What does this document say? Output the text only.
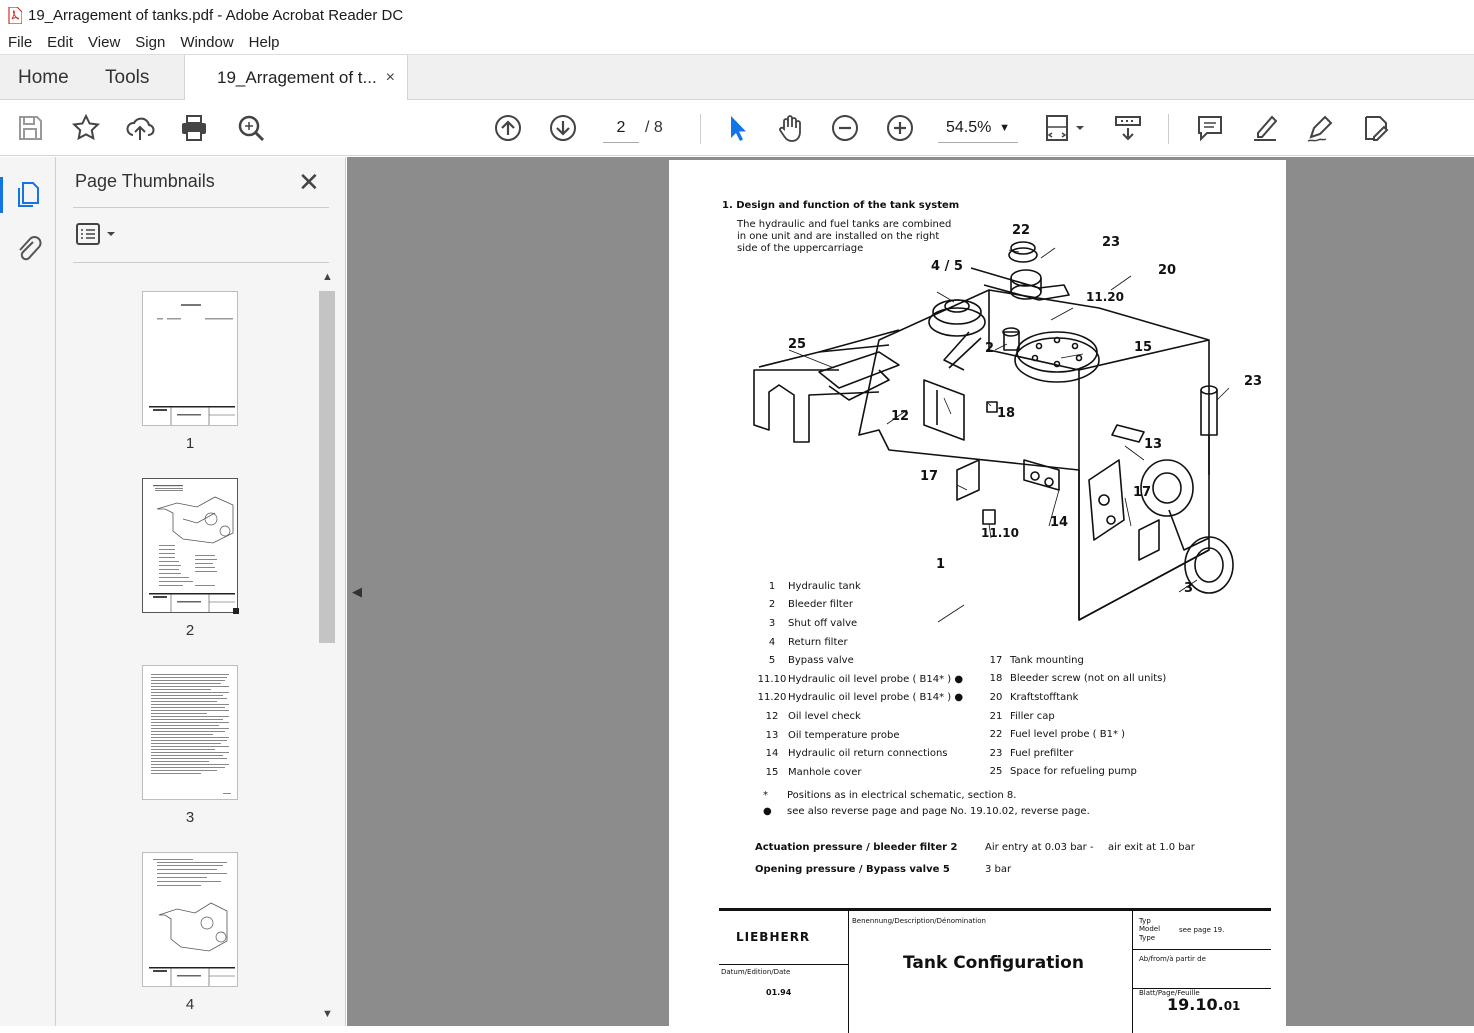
19_Arragement of tanks.pdf - Adobe Acrobat Reader DC
File Edit View Sign Window Help
Home Tools	19_Arragement of t... ×
2	/ 8	54.5% ▼
Page Thumbnails	✕
1
2
3
4
▲
▼
◀
1. Design and function of the tank system
The hydraulic and fuel tanks are combined
in one unit and are installed on the right
side of the uppercarriage
22
23
20
4 / 5
11.20
25	2	15
23
12	18
13
17
17
14
11.10
1
3
1	Hydraulic tank
2	Bleeder filter
3	Shut off valve
4	Return filter
5	Bypass valve
11.10	Hydraulic oil level probe ( B14* ) ●
11.20	Hydraulic oil level probe ( B14* ) ●
12	Oil level check
13	Oil temperature probe
14	Hydraulic oil return connections
15	Manhole cover
17	Tank mounting
18	Bleeder screw (not on all units)
20	Kraftstofftank
21	Filler cap
22	Fuel level probe ( B1* )
23	Fuel prefilter
25	Space for refueling pump
* Positions as in electrical schematic, section 8.
● see also reverse page and page No. 19.10.02, reverse page.
Actuation pressure / bleeder filter 2	Air entry at 0.03 bar - air exit at 1.0 bar
Opening pressure / Bypass valve 5	3 bar
LIEBHERR
Benennung/Description/Dénomination
Tank Configuration
Typ
Model
Type
see page 19.
Ab/from/à partir de
Datum/Edition/Date
01.94	Blatt/Page/Feuille
19.10.01
